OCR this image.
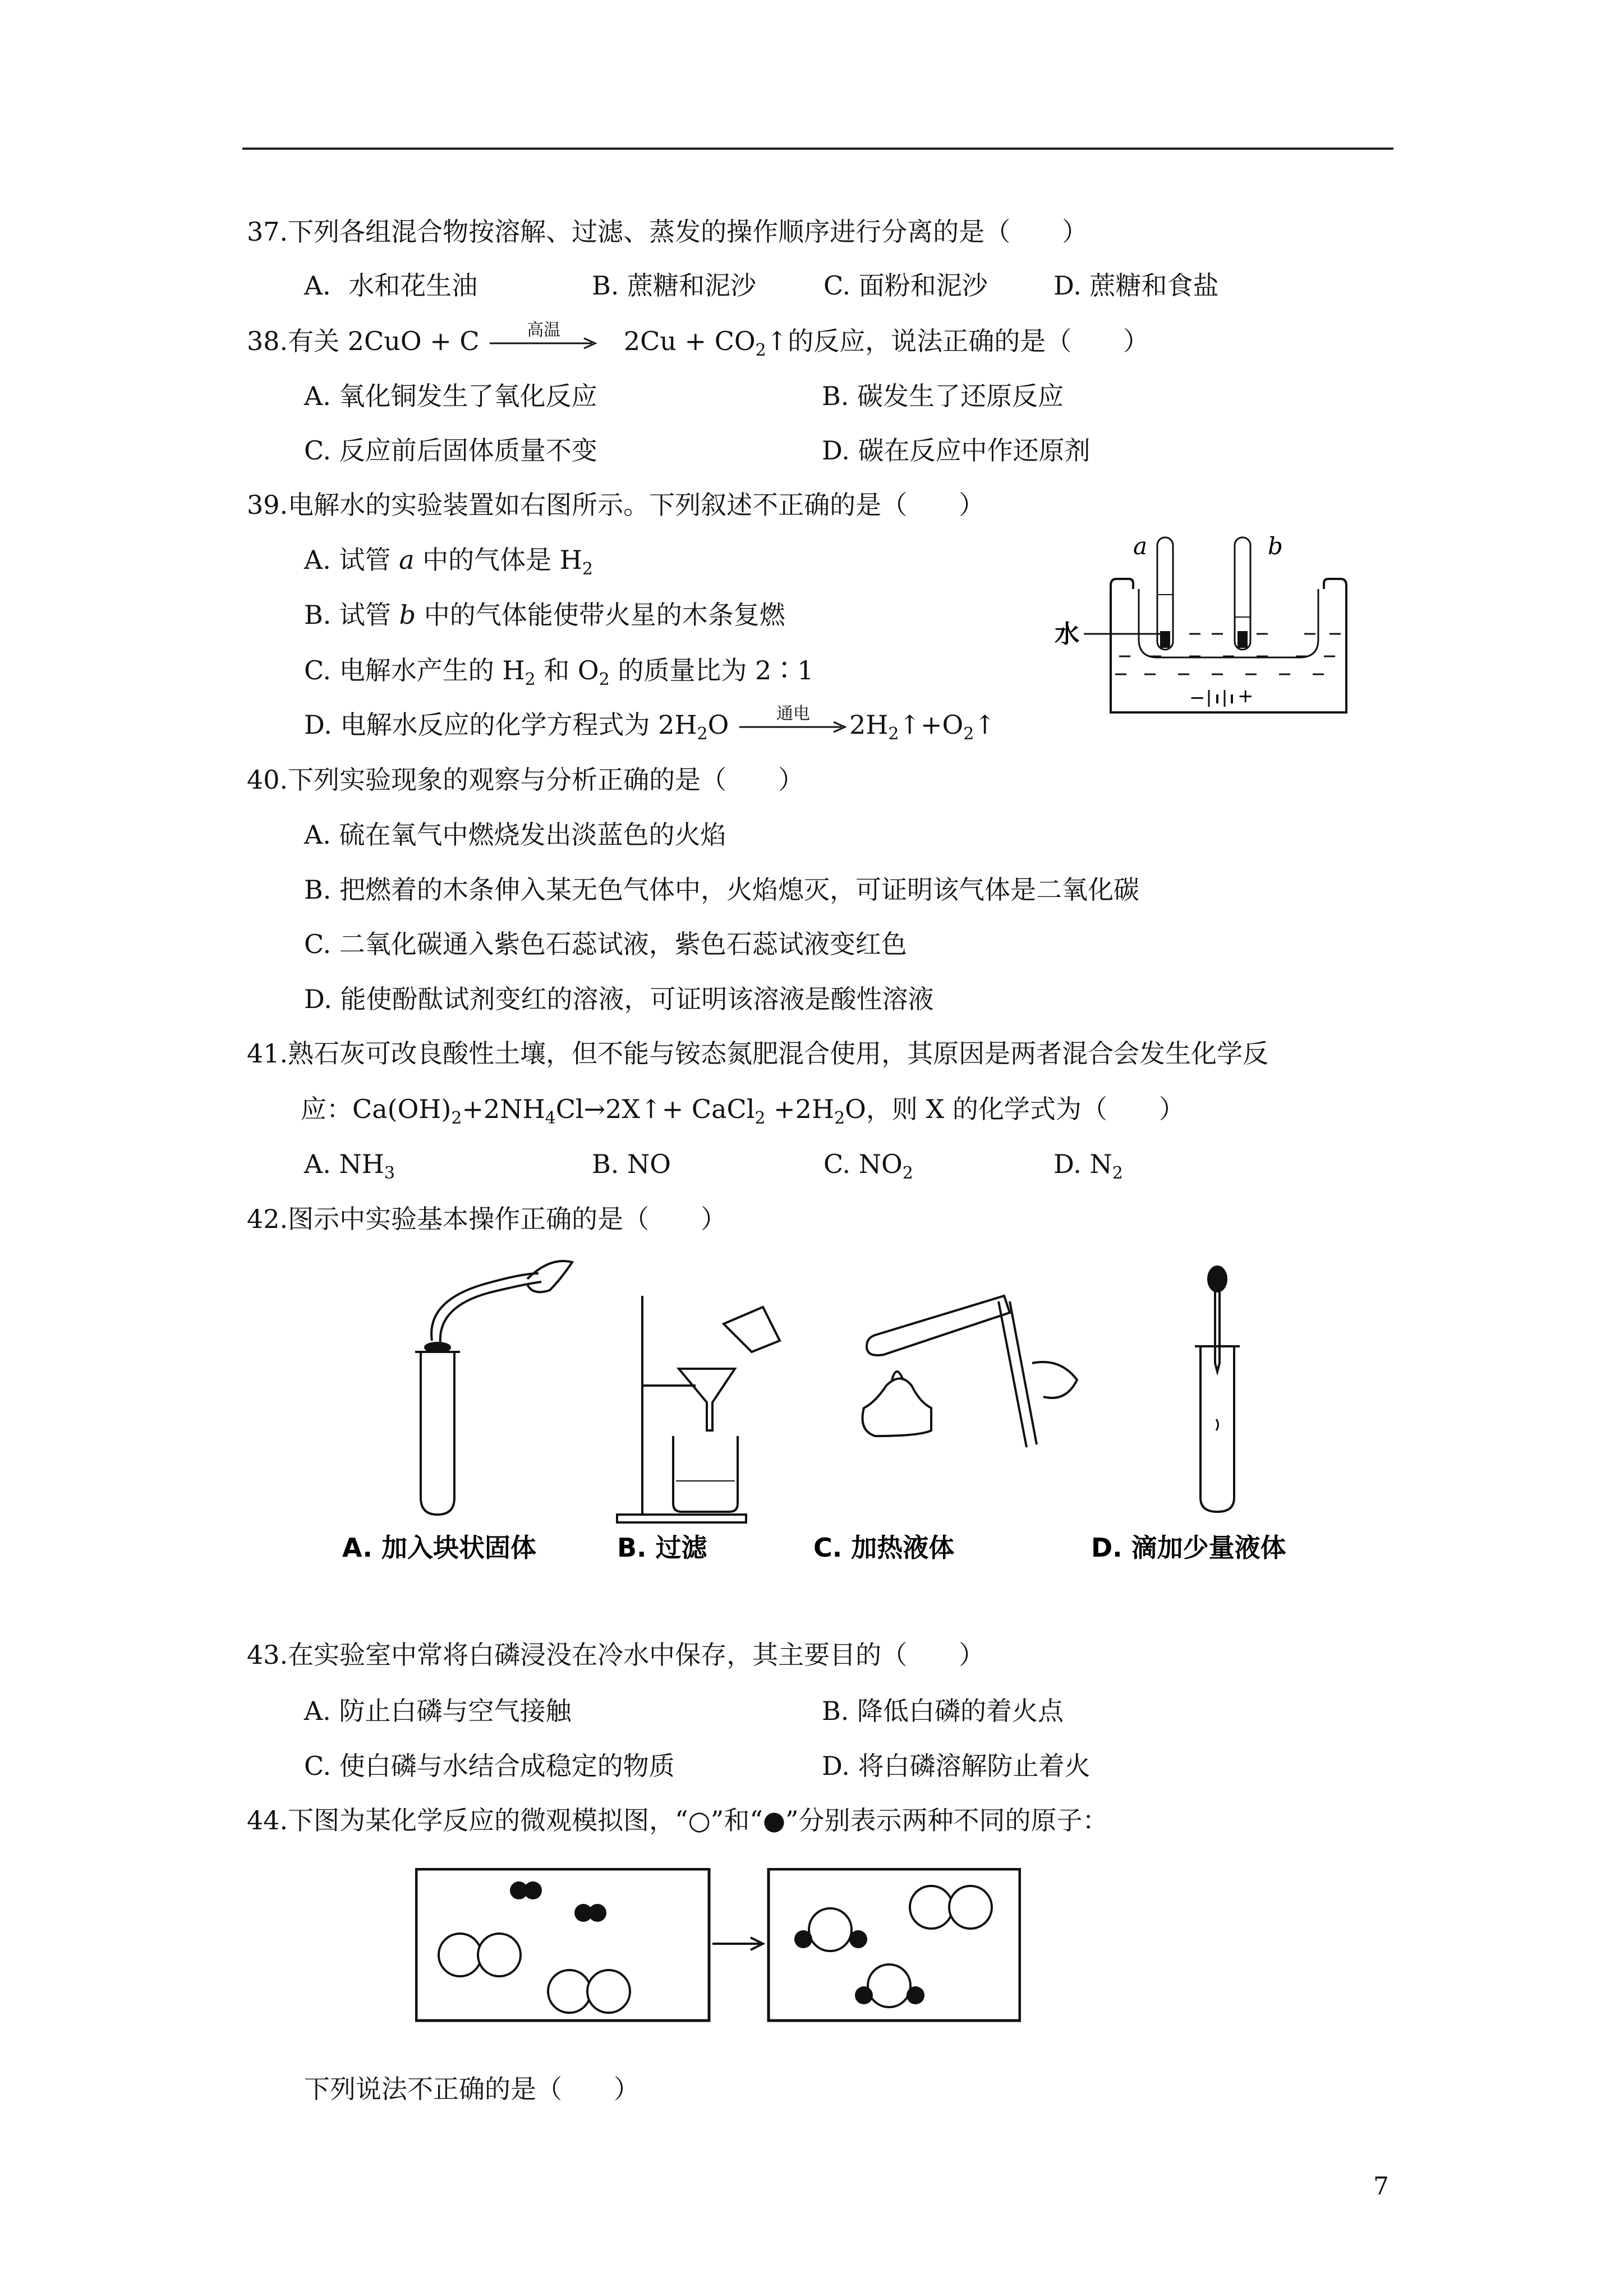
37.下列各组混合物按溶解、过滤、蒸发的操作顺序进行分离的是（　　）
A．水和花生油	B. 蔗糖和泥沙	C. 面粉和泥沙	D. 蔗糖和食盐
38.有关 2CuO + C	高温	$2Cu + CO_2↑$的反应，说法正确的是（　　）
A. 氧化铜发生了氧化反应	B. 碳发生了还原反应
C. 反应前后固体质量不变	D. 碳在反应中作还原剂
39.电解水的实验装置如右图所示。下列叙述不正确的是（　　）
A. 试管 a 中的气体是 $H_2$
B. 试管 b 中的气体能使带火星的木条复燃
C. 电解水产生的 $H_2$ 和 $O_2$ 的质量比为 2∶1
D. 电解水反应的化学方程式为 $2H_2O$	通电	$2H_2↑+O_2↑$
a	b
水
− +
40.下列实验现象的观察与分析正确的是（　　）
A. 硫在氧气中燃烧发出淡蓝色的火焰
B. 把燃着的木条伸入某无色气体中，火焰熄灭，可证明该气体是二氧化碳
C. 二氧化碳通入紫色石蕊试液，紫色石蕊试液变红色
D. 能使酚酞试剂变红的溶液，可证明该溶液是酸性溶液
41.熟石灰可改良酸性土壤，但不能与铵态氮肥混合使用，其原因是两者混合会发生化学反
应：$Ca(OH)_2+2NH_4Cl\to 2X↑+$ CaCl$_2$ $+2H_2O$，则 X 的化学式为（　　）
A. $NH_3$	B. NO	C. $NO_2$	D. $N_2$
42.图示中实验基本操作正确的是（　　）
A. 加入块状固体	B. 过滤	C. 加热液体	D. 滴加少量液体
43.在实验室中常将白磷浸没在冷水中保存，其主要目的（　　）
A. 防止白磷与空气接触	B. 降低白磷的着火点
C. 使白磷与水结合成稳定的物质	D. 将白磷溶解防止着火
44.下图为某化学反应的微观模拟图，“○”和“●”分别表示两种不同的原子：
下列说法不正确的是（　　）
7
